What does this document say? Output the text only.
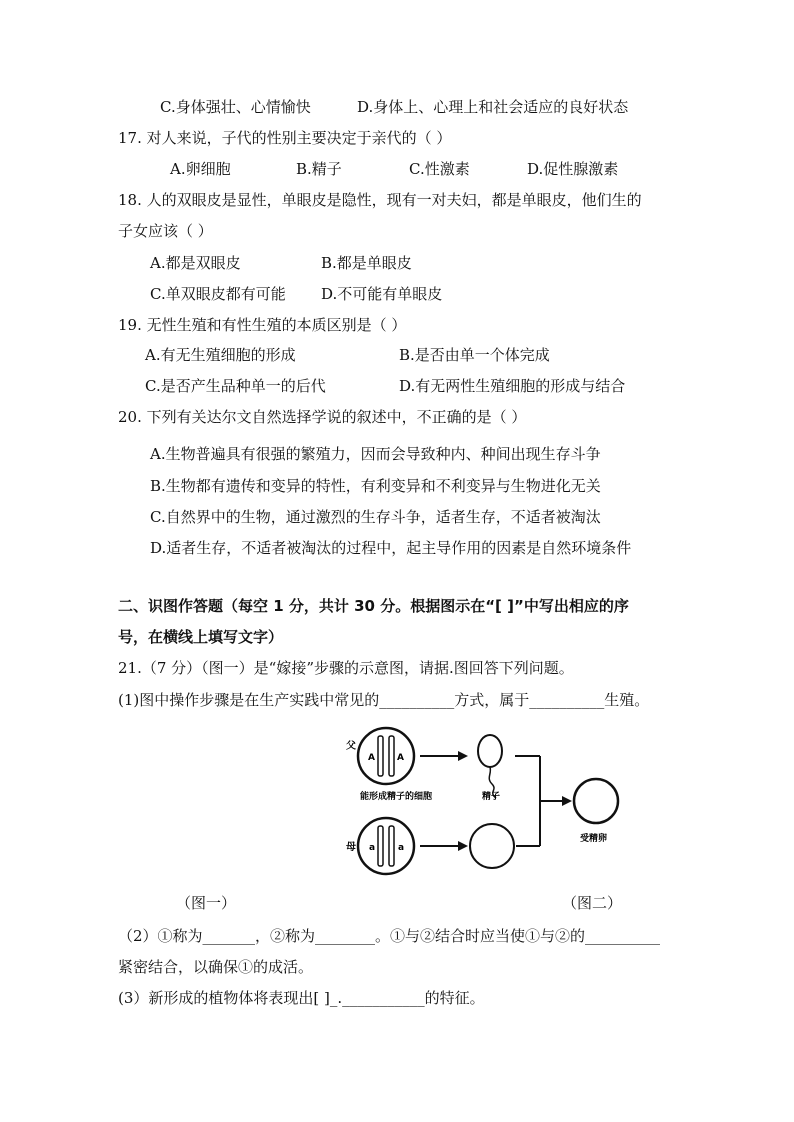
C.身体强壮、心情愉快	D.身体上、心理上和社会适应的良好状态
17. 对人来说，子代的性别主要决定于亲代的（ ）
A.卵细胞	B.精子	C.性激素	D.促性腺激素
18. 人的双眼皮是显性，单眼皮是隐性，现有一对夫妇，都是单眼皮，他们生的
子女应该（ ）
A.都是双眼皮	B.都是单眼皮
C.单双眼皮都有可能 D.不可能有单眼皮
19. 无性生殖和有性生殖的本质区别是（ ）
A.有无生殖细胞的形成	B.是否由单一个体完成
C.是否产生品种单一的后代	D.有无两性生殖细胞的形成与结合
20. 下列有关达尔文自然选择学说的叙述中，不正确的是（ ）
A.生物普遍具有很强的繁殖力，因而会导致种内、种间出现生存斗争
B.生物都有遗传和变异的特性，有利变异和不利变异与生物进化无关
C.自然界中的生物，通过激烈的生存斗争，适者生存，不适者被淘汰
D.适者生存，不适者被淘汰的过程中，起主导作用的因素是自然环境条件
二、识图作答题（每空 1 分，共计 30 分。根据图示在“[ ]”中写出相应的序
号，在横线上填写文字）
21.（7 分）（图一）是“嫁接”步骤的示意图，请据.图回答下列问题。
(1)图中操作步骤是在生产实践中常见的__________方式，属于__________生殖。
父
A A
能形成精子的细胞	精子
母 a	a
受精卵
（图一）	（图二）
（2）①称为_______，②称为________。①与②结合时应当使①与②的__________
紧密结合，以确保①的成活。
(3）新形成的植物体将表现出[ ]_.___________的特征。
